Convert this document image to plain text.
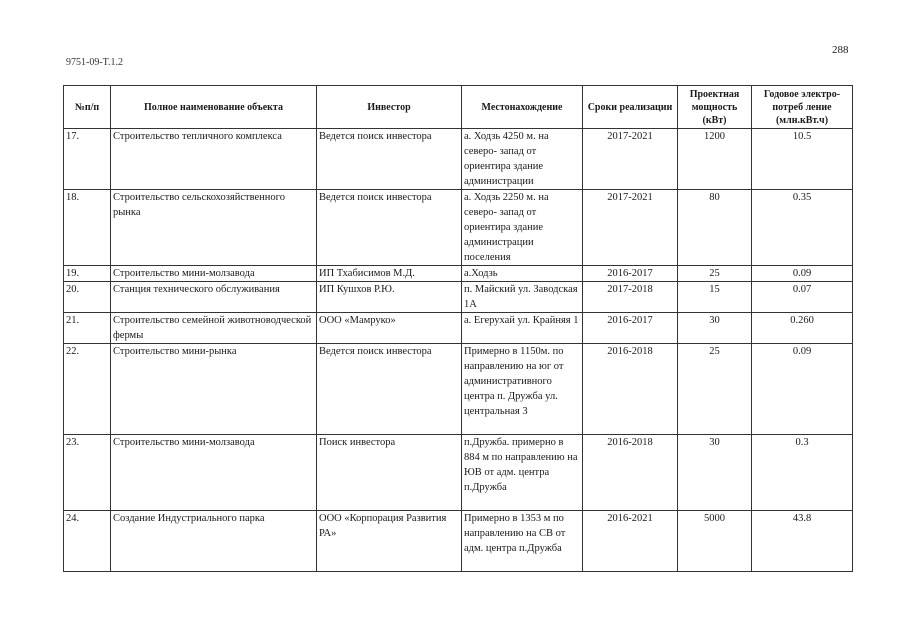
288
9751-09-T.1.2
№п/п	Полное наименование объекта	Инвестор	Местонахождение	Сроки реализации	Проектная мощность (кВт)	Годовое электро-потреб ление (млн.кВт.ч)
17.	Строительство тепличного комплекса	Ведется поиск инвестора	а. Ходзь 4250 м. на северо- запад от ориентира здание администрации	2017-2021	1200	10.5
18.	Строительство сельскохозяйственного рынка	Ведется поиск инвестора	а. Ходзь 2250 м. на северо- запад от ориентира здание администрации поселения	2017-2021	80	0.35
19.	Строительство мини-молзавода	ИП Тхабисимов М.Д.	а.Ходзь	2016-2017	25	0.09
20.	Станция технического обслуживания	ИП Кушхов Р.Ю.	п. Майский ул. Заводская 1А	2017-2018	15	0.07
21.	Строительство семейной животноводческой фермы	ООО «Мамруко»	а. Егерухай ул. Крайняя 1	2016-2017	30	0.260
22.	Строительство мини-рынка	Ведется поиск инвестора	Примерно в 1150м. по направлению на юг от административного центра п. Дружба ул. центральная 3	2016-2018	25	0.09
23.	Строительство мини-молзавода	Поиск инвестора	п.Дружба. примерно в 884 м по направлению на ЮВ от адм. центра п.Дружба	2016-2018	30	0.3
24.	Создание Индустриального парка	ООО «Корпорация Развития РА»	Примерно в 1353 м по направлению на СВ от адм. центра п.Дружба	2016-2021	5000	43.8
